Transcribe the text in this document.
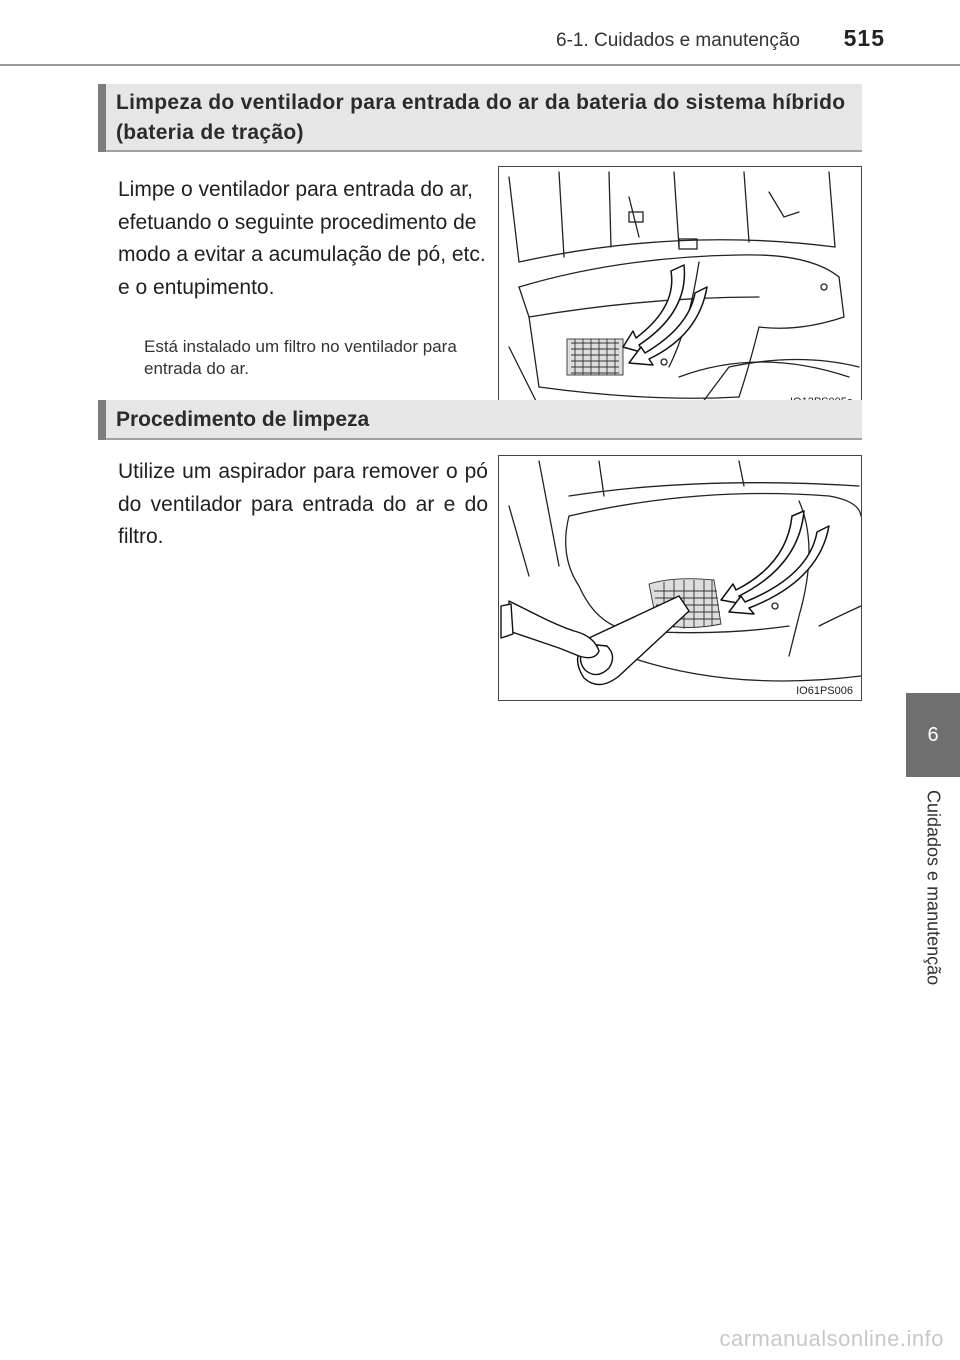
6-1. Cuidados e manutenção	515
Limpeza do ventilador para entrada do ar da bateria do sistema híbrido (bateria de tração)
Limpe o ventilador para entrada do ar, efetuando o seguinte procedimento de modo a evitar a acumulação de pó, etc. e o entupimento.
Está instalado um filtro no ventilador para entrada do ar.
Procedimento de limpeza
Utilize um aspirador para remover o pó do ventilador para entrada do ar e do filtro.
IO61PS006
6
Cuidados e manutenção
carmanualsonline.info
